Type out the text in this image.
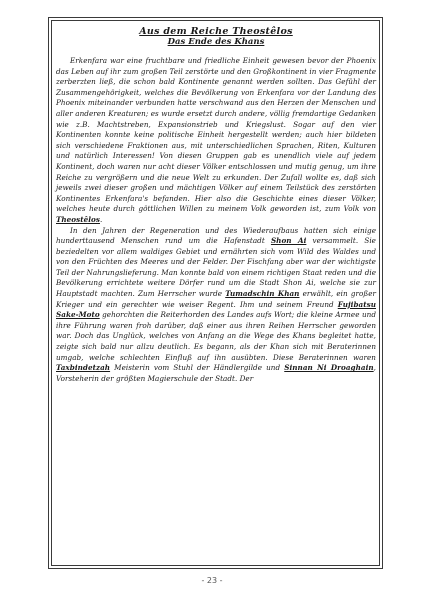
Aus dem Reiche Theostêlos
Das Ende des Khans

Erkenfara war eine fruchtbare und friedliche Einheit gewesen bevor der Phoenix das Leben auf ihr zum großen Teil zerstörte und den Großkontinent in vier Fragmente zerberzten ließ, die schon bald Kontinente genannt werden sollten. Das Gefühl der Zusammengehörigkeit, welches die Bevölkerung von Erkenfara vor der Landung des Phoenix miteinander verbunden hatte verschwand aus den Herzen der Menschen und aller anderen Kreaturen; es wurde ersetzt durch andere, völlig fremdartige Gedanken wie z.B. Machtstreben, Expansionstrieb und Kriegslust. Sogar auf den vier Kontinenten konnte keine politische Einheit hergestellt werden; auch hier bildeten sich verschiedene Fraktionen aus, mit unterschiedlichen Sprachen, Riten, Kulturen und natürlich Interessen! Von diesen Gruppen gab es unendlich viele auf jedem Kontinent, doch waren nur acht dieser Völker entschlossen und mutig genug, um ihre Reiche zu vergrößern und die neue Welt zu erkunden. Der Zufall wollte es, daß sich jeweils zwei dieser großen und mächtigen Völker auf einem Teilstück des zerstörten Kontinentes Erkenfara's befanden. Hier also die Geschichte eines dieser Völker, welches heute durch göttlichen Willen zu meinem Volk geworden ist, zum Volk von Theostêlos.

In den Jahren der Regeneration und des Wiederaufbaus hatten sich einige hunderttausend Menschen rund um die Hafenstadt Shon Ai versammelt. Sie beziedelten vor allem waldiges Gebiet und ernährten sich vom Wild des Waldes und von den Früchten des Meeres und der Felder. Der Fischfang aber war der wichtigste Teil der Nahrungslieferung. Man konnte bald von einem richtigen Staat reden und die Bevölkerung errichtete weitere Dörfer rund um die Stadt Shon Ai, welche sie zur Hauptstadt machten. Zum Herrscher wurde Tumadschin Khan erwählt, ein großer Krieger und ein gerechter wie weiser Regent. Ihm und seinem Freund Fujibatsu Sake-Moto gehorchten die Reiterhorden des Landes aufs Wort; die kleine Armee und ihre Führung waren froh darüber, daß einer aus ihren Reihen Herrscher geworden war. Doch das Unglück, welches von Anfang an die Wege des Khans begleitet hatte, zeigte sich bald nur allzu deutlich. Es begann, als der Khan sich mit Beraterinnen umgab, welche schlechten Einfluß auf ihn ausübten. Diese Beraterinnen waren Taxbindetzah Meisterin vom Stuhl der Händlergilde und Sinnan Ni Droaghain, Vorsteherin der größten Magierschule der Stadt. Der

- 23 -
